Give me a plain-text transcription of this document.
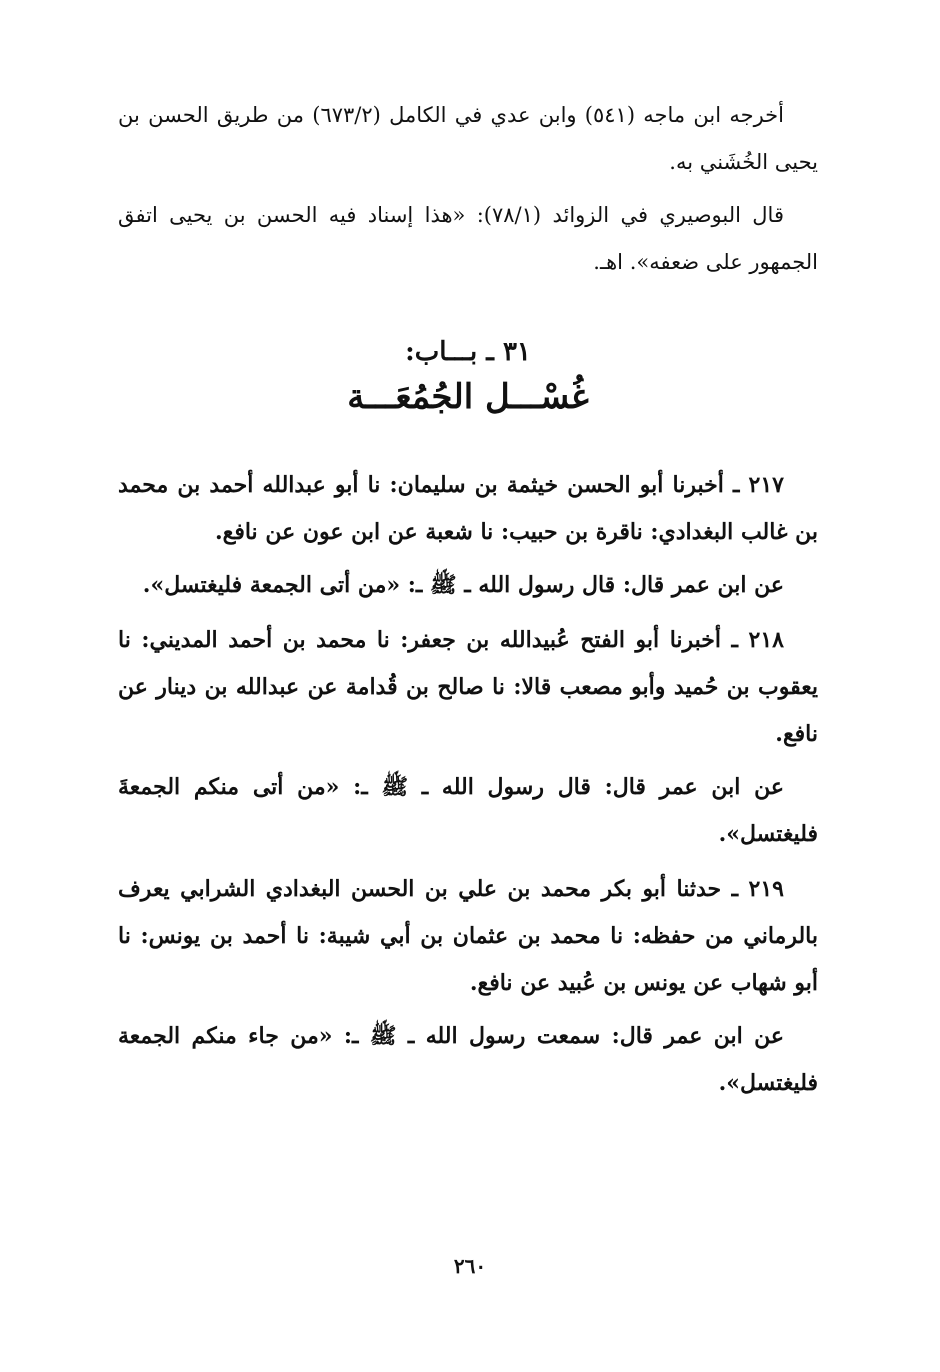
أخرجه ابن ماجه (٥٤١) وابن عدي في الكامل (٦٧٣/٢) من طريق الحسن بن يحيى الخُشَني به.

قال البوصيري في الزوائد (٧٨/١): «هذا إسناد فيه الحسن بن يحيى اتفق الجمهور على ضعفه». اهـ.

٣١ ـ بـــاب:
غُسْـــل الجُمُعَـــة

٢١٧ ـ أخبرنا أبو الحسن خيثمة بن سليمان: نا أبو عبدالله أحمد بن محمد بن غالب البغدادي: ناقرة بن حبيب: نا شعبة عن ابن عون عن نافع.

عن ابن عمر قال: قال رسول الله ـ ﷺ ـ: «من أتى الجمعة فليغتسل».

٢١٨ ـ أخبرنا أبو الفتح عُبيدالله بن جعفر: نا محمد بن أحمد المديني: نا يعقوب بن حُميد وأبو مصعب قالا: نا صالح بن قُدامة عن عبدالله بن دينار عن نافع.

عن ابن عمر قال: قال رسول الله ـ ﷺ ـ: «من أتى منكم الجمعةَ فليغتسل».

٢١٩ ـ حدثنا أبو بكر محمد بن علي بن الحسن البغدادي الشرابي يعرف بالرماني من حفظه: نا محمد بن عثمان بن أبي شيبة: نا أحمد بن يونس: نا أبو شهاب عن يونس بن عُبيد عن نافع.

عن ابن عمر قال: سمعت رسول الله ـ ﷺ ـ: «من جاء منكم الجمعة فليغتسل».

٢٦٠
